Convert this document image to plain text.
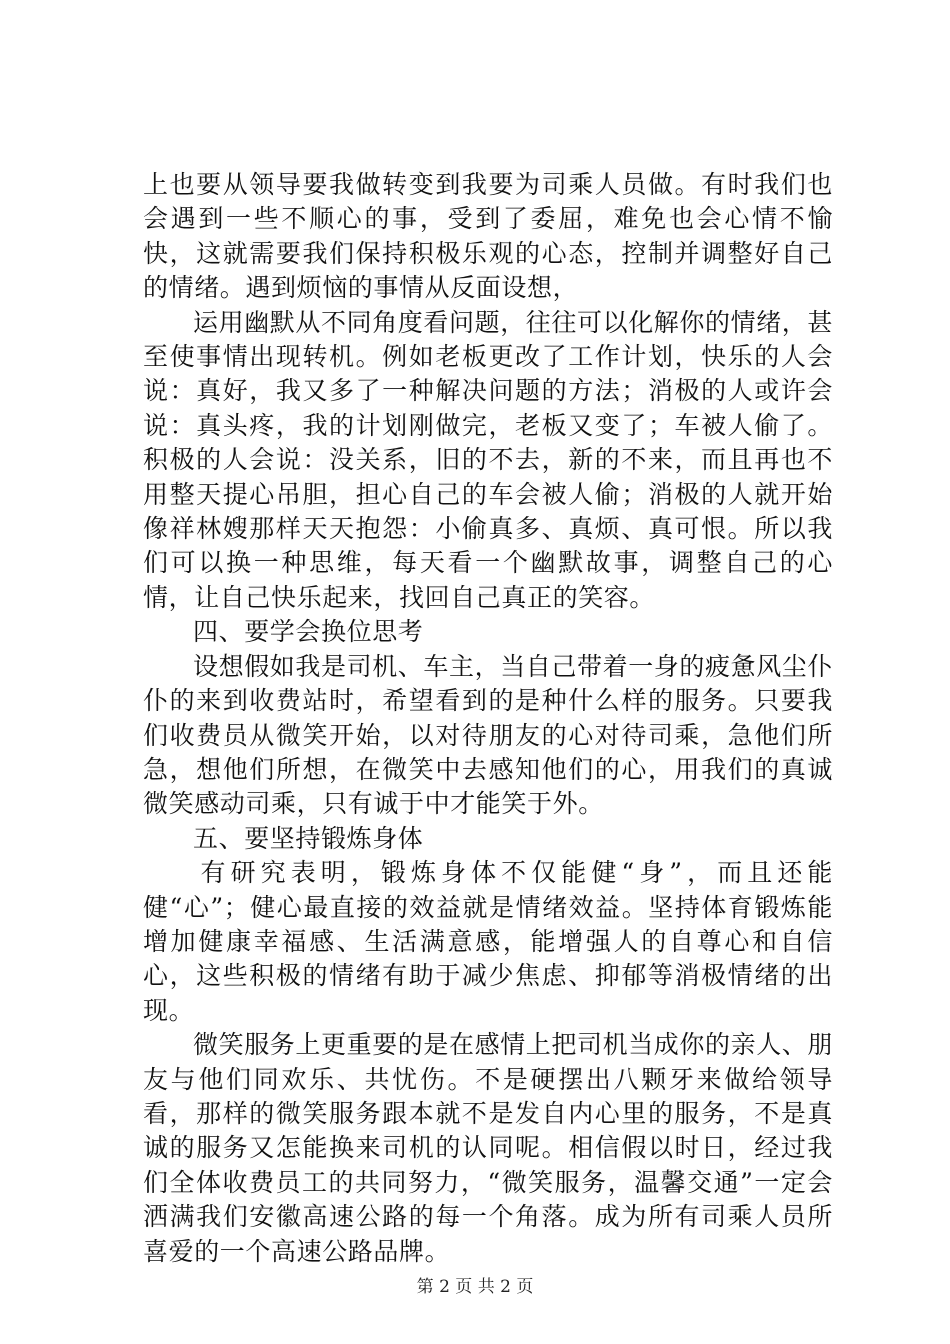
上也要从领导要我做转变到我要为司乘人员做。有时我们也会遇到一些不顺心的事，受到了委屈，难免也会心情不愉快，这就需要我们保持积极乐观的心态，控制并调整好自己的情绪。遇到烦恼的事情从反面设想，

运用幽默从不同角度看问题，往往可以化解你的情绪，甚至使事情出现转机。例如老板更改了工作计划，快乐的人会说：真好，我又多了一种解决问题的方法；消极的人或许会说：真头疼，我的计划刚做完，老板又变了；车被人偷了。积极的人会说：没关系，旧的不去，新的不来，而且再也不用整天提心吊胆，担心自己的车会被人偷；消极的人就开始像祥林嫂那样天天抱怨：小偷真多、真烦、真可恨。所以我们可以换一种思维，每天看一个幽默故事，调整自己的心情，让自己快乐起来，找回自己真正的笑容。

四、要学会换位思考

设想假如我是司机、车主，当自己带着一身的疲惫风尘仆仆的来到收费站时，希望看到的是种什么样的服务。只要我们收费员从微笑开始，以对待朋友的心对待司乘，急他们所急，想他们所想，在微笑中去感知他们的心，用我们的真诚微笑感动司乘，只有诚于中才能笑于外。

五、要坚持锻炼身体

有研究表明，锻炼身体不仅能健“身”，而且还能健“心”；健心最直接的效益就是情绪效益。坚持体育锻炼能增加健康幸福感、生活满意感，能增强人的自尊心和自信心，这些积极的情绪有助于减少焦虑、抑郁等消极情绪的出现。

微笑服务上更重要的是在感情上把司机当成你的亲人、朋友与他们同欢乐、共忧伤。不是硬摆出八颗牙来做给领导看，那样的微笑服务跟本就不是发自内心里的服务，不是真诚的服务又怎能换来司机的认同呢。相信假以时日，经过我们全体收费员工的共同努力，“微笑服务，温馨交通”一定会洒满我们安徽高速公路的每一个角落。成为所有司乘人员所喜爱的一个高速公路品牌。

第 2 页 共 2 页
